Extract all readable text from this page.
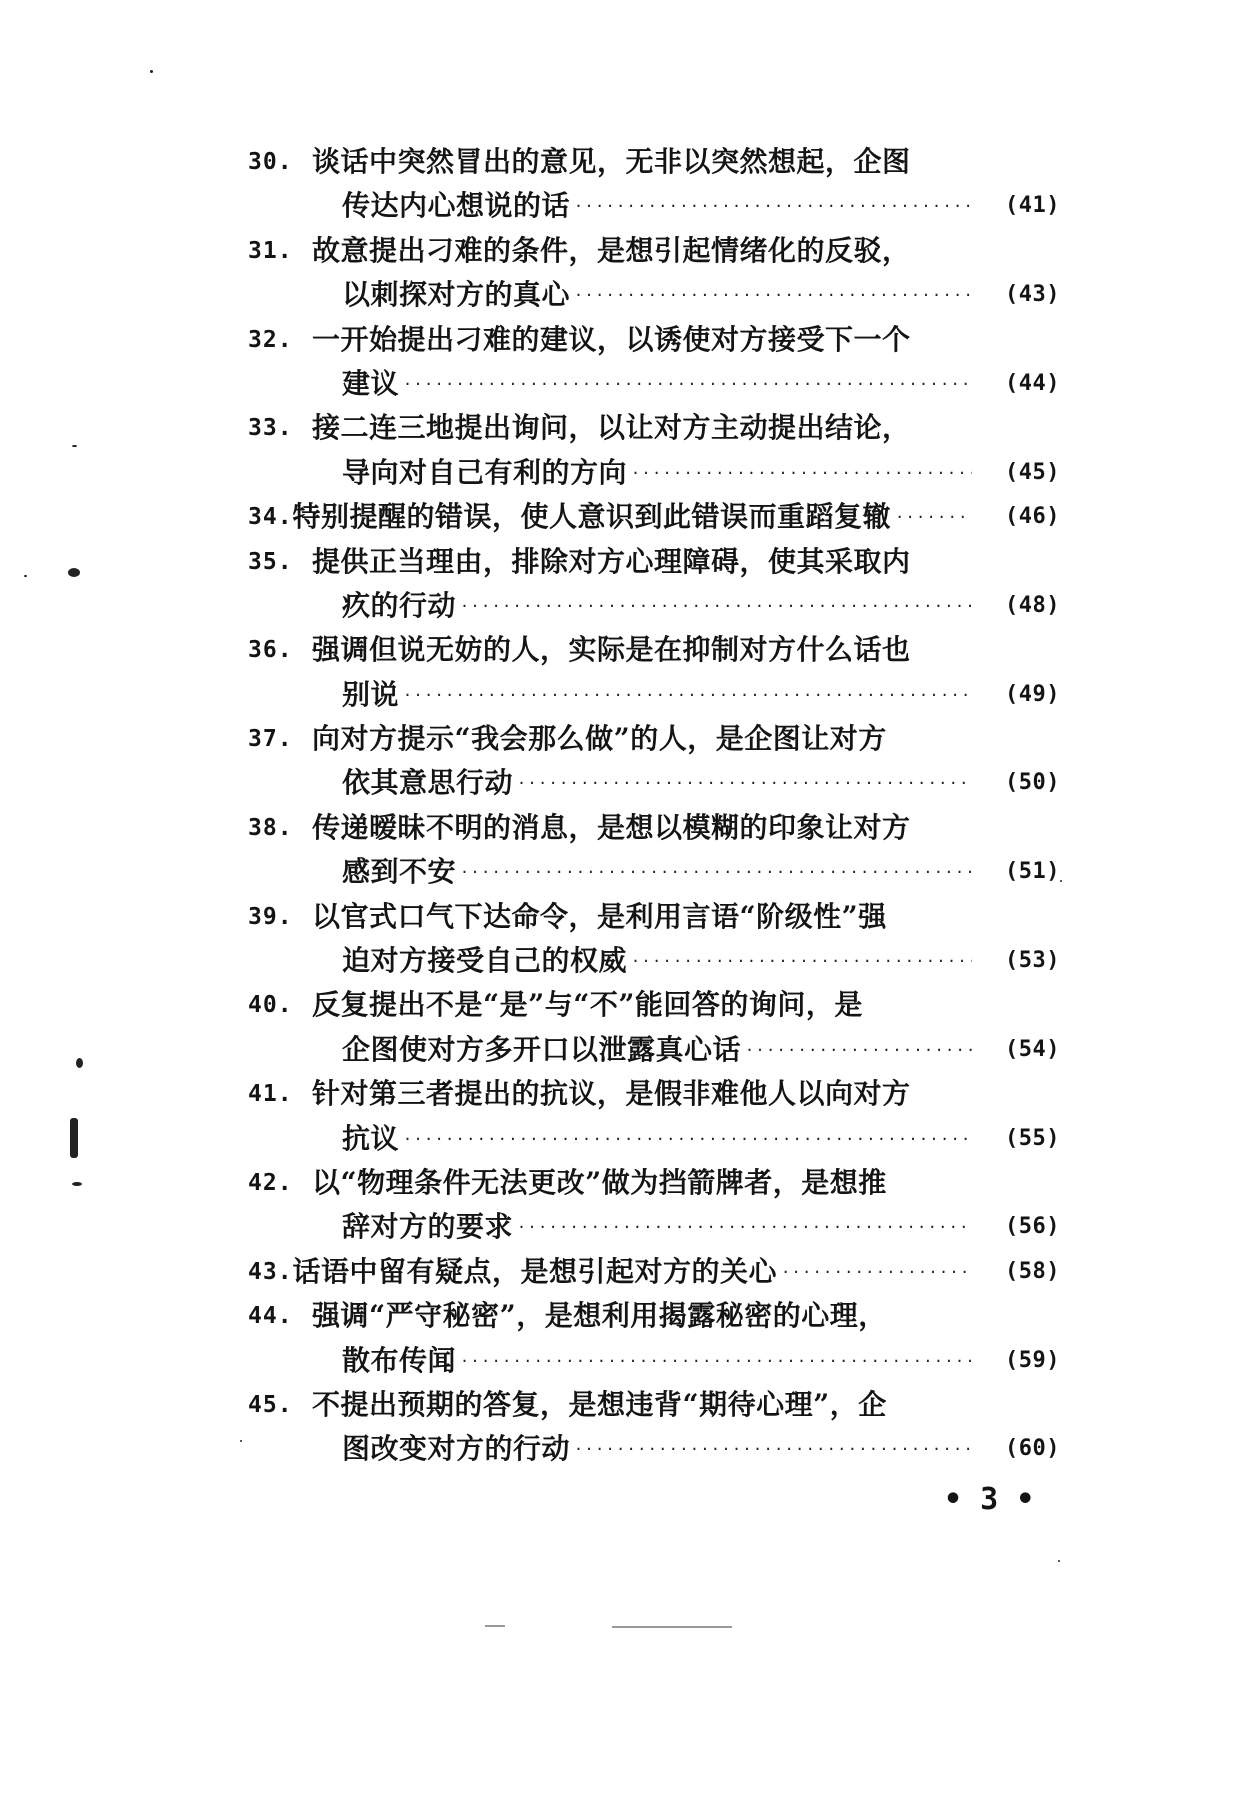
30. 谈话中突然冒出的意见，无非以突然想起，企图
传达内心想说的话 ·····	(41)
31. 故意提出刁难的条件，是想引起情绪化的反驳，
以刺探对方的真心 ·····	(43)
32. 一开始提出刁难的建议，以诱使对方接受下一个
建议 ·····	(44)
33. 接二连三地提出询问，以让对方主动提出结论，
导向对自己有利的方向 ·····	(45)
34. 特别提醒的错误，使人意识到此错误而重蹈复辙 ·····	(46)
35. 提供正当理由，排除对方心理障碍，使其采取内
疚的行动 ·····	(48)
36. 强调但说无妨的人，实际是在抑制对方什么话也
别说 ·····	(49)
37. 向对方提示“我会那么做”的人，是企图让对方
依其意思行动 ·····	(50)
38. 传递暧昧不明的消息，是想以模糊的印象让对方
感到不安 ·····	(51)
39. 以官式口气下达命令，是利用言语“阶级性”强
迫对方接受自己的权威 ·····	(53)
40. 反复提出不是“是”与“不”能回答的询问，是
企图使对方多开口以泄露真心话 ·····	(54)
41. 针对第三者提出的抗议，是假非难他人以向对方
抗议 ·····	(55)
42. 以“物理条件无法更改”做为挡箭牌者，是想推
辞对方的要求 ·····	(56)
43. 话语中留有疑点，是想引起对方的关心 ·····	(58)
44. 强调“严守秘密”，是想利用揭露秘密的心理，
散布传闻 ·····	(59)
45. 不提出预期的答复，是想违背“期待心理”，企
图改变对方的行动 ·····	(60)
• 3 •
